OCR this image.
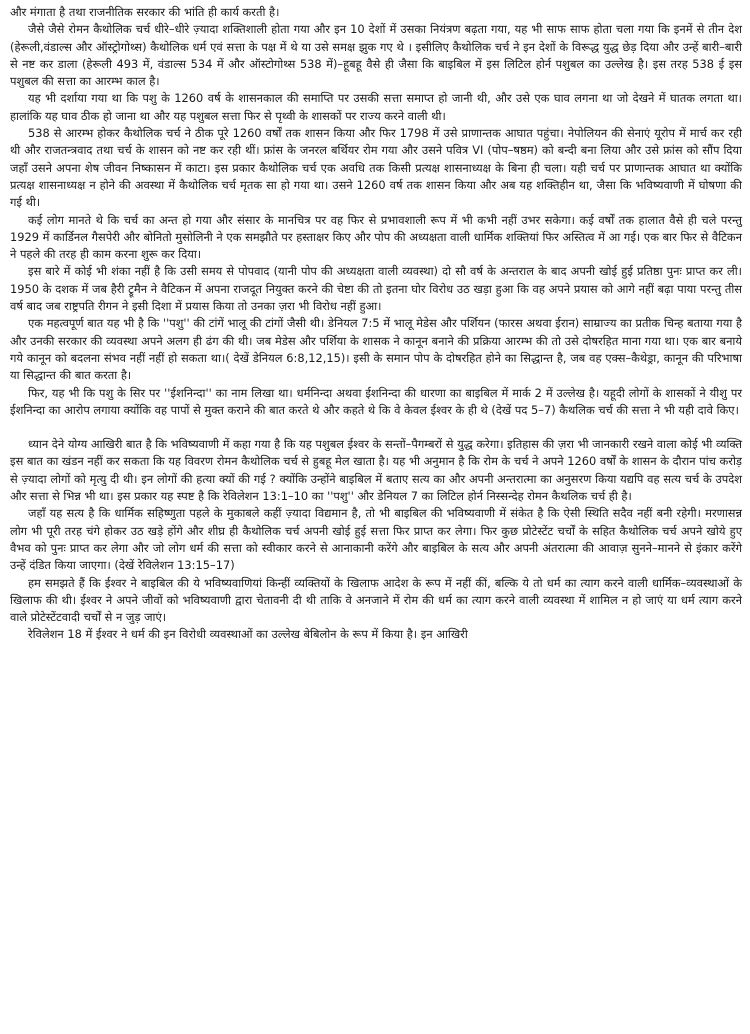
और मंगाता है तथा राजनीतिक सरकार की भांति ही कार्य करती है।

जैसे जैसे रोमन कैथोलिक चर्च धीरे–धीरे ज़्यादा शक्तिशाली होता गया और इन 10 देशों में उसका नियंत्रण बढ़ता गया, यह भी साफ साफ होता चला गया कि इनमें से तीन देश (हेरूली,वंडाल्स और ऑस्ट्रोगोथ्स) कैथोलिक धर्म एवं सत्ता के पक्ष में थे या उसे समक्ष झुक गए थे । इसीलिए कैथोलिक चर्च ने इन देशों के विरूद्ध युद्ध छेड़ दिया और उन्हें बारी–बारी से नष्ट कर डाला (हेरूली 493 में, वंडाल्स 534 में और ऑस्टोगोथ्स 538 में)–हूबहू वैसे ही जैसा कि बाइबिल में इस लिटिल होर्न पशुबल का उल्लेख है। इस तरह 538 ई इस पशुबल की सत्ता का आरम्भ काल है।

यह भी दर्शाया गया था कि पशु के 1260 वर्ष के शासनकाल की समाप्ति पर उसकी सत्ता समाप्त हो जानी थी, और उसे एक घाव लगना था जो देखने में घातक लगता था। हालांकि यह घाव ठीक हो जाना था और यह पशुबल सत्ता फिर से पृथ्वी के शासकों पर राज्य करने वाली थी।

538 से आरम्भ होकर कैथोलिक चर्च ने ठीक पूरे 1260 वर्षों तक शासन किया और फिर 1798 में उसे प्राणान्तक आघात पहुंचा। नेपोलियन की सेनाएं यूरोप में मार्च कर रही थी और राजतन्त्रवाद तथा चर्च के शासन को नष्ट कर रही थीं। फ्रांस के जनरल बर्थियर रोम गया और उसने पवित्र VI (पोप–षष्ठम) को बन्दी बना लिया और उसे फ्रांस को सौंप दिया जहाँ उसने अपना शेष जीवन निष्कासन में काटा। इस प्रकार कैथोलिक चर्च एक अवधि तक किसी प्रत्यक्ष शासनाध्यक्ष के बिना ही चला। यही चर्च पर प्राणान्तक आघात था क्योंकि प्रत्यक्ष शासनाध्यक्ष न होने की अवस्था में कैथोलिक चर्च मृतक सा हो गया था। उसने 1260 वर्ष तक शासन किया और अब यह शक्तिहीन था, जैसा कि भविष्यवाणी में घोषणा की गई थी।

कई लोग मानते थे कि चर्च का अन्त हो गया और संसार के मानचित्र पर वह फिर से प्रभावशाली रूप में भी कभी नहीं उभर सकेगा। कई वर्षों तक हालात वैसे ही चले परन्तु 1929 में कार्डिनल गैसपेरी और बोनितो मुसोलिनी ने एक समझौते पर हस्ताक्षर किए और पोप की अध्यक्षता वाली धार्मिक शक्तियां फिर अस्तित्व में आ गई। एक बार फिर से वैटिकन ने पहले की तरह ही काम करना शुरू कर दिया।

इस बारे में कोई भी शंका नहीं है कि उसी समय से पोपवाद (यानी पोप की अध्यक्षता वाली व्यवस्था) दो सौ वर्ष के अन्तराल के बाद अपनी खोई हुई प्रतिष्ठा पुनः प्राप्त कर ली। 1950 के दशक में जब हैरी ट्रूमैन ने वैटिकन में अपना राजदूत नियुक्त करने की चेष्टा की तो इतना घोर विरोध उठ खड़ा हुआ कि वह अपने प्रयास को आगे नहीं बढ़ा पाया परन्तु तीस वर्ष बाद जब राष्ट्रपति रीगन ने इसी दिशा में प्रयास किया तो उनका ज़रा भी विरोध नहीं हुआ।

एक महत्वपूर्ण बात यह भी है कि ''पशु'' की टांगें भालू की टांगों जैसी थी। डेनियल 7:5 में भालू मेडेस और पर्शियन (फारस अथवा ईरान) साम्राज्य का प्रतीक चिन्ह बताया गया है और उनकी सरकार की व्यवस्था अपने अलग ही ढंग की थी। जब मेडेस और पर्शिया के शासक ने कानून बनाने की प्रक्रिया आरम्भ की तो उसे दोषरहित माना गया था। एक बार बनाये गये कानून को बदलना संभव नहीं नहीं हो सकता था।( देखें डेनियल 6:8,12,15)। इसी के समान पोप के दोषरहित होने का सिद्धान्त है, जब वह एक्स–कैथेड्रा, कानून की परिभाषा या सिद्धान्त की बात करता है।

फिर, यह भी कि पशु के सिर पर ''ईशनिन्दा'' का नाम लिखा था। धर्मनिन्दा अथवा ईशनिन्दा की धारणा का बाइबिल में मार्क 2 में उल्लेख है। यहूदी लोगों के शासकों ने यीशु पर ईशनिन्दा का आरोप लगाया क्योंकि वह पापों से मुक्त कराने की बात करते थे और कहते थे कि वे केवल ईश्वर के ही थे (देखें पद 5–7) कैथलिक चर्च की सत्ता ने भी यही दावे किए।

ध्यान देने योग्य आखिरी बात है कि भविष्यवाणी में कहा गया है कि यह पशुबल ईश्वर के सन्तों–पैगम्बरों से युद्ध करेगा। इतिहास की ज़रा भी जानकारी रखने वाला कोई भी व्यक्ति इस बात का खंडन नहीं कर सकता कि यह विवरण रोमन कैथोलिक चर्च से हुबहू मेल खाता है। यह भी अनुमान है कि रोम के चर्च ने अपने 1260 वर्षों के शासन के दौरान पांच करोड़ से ज़्यादा लोगों को मृत्यु दी थी। इन लोगों की हत्या क्यों की गई ? क्योंकि उन्होंने बाइबिल में बताए सत्य का और अपनी अन्तरात्मा का अनुसरण किया यद्यपि वह सत्य चर्च के उपदेश और सत्ता से भिन्न भी था। इस प्रकार यह स्पष्ट है कि रेविलेशन 13:1–10 का ''पशु'' और डेनियल 7 का लिटिल होर्न निस्सन्देह रोमन कैथलिक चर्च ही है।

जहाँ यह सत्य है कि धार्मिक सहिष्णुता पहले के मुकाबले कहीं ज़्यादा विद्यमान है, तो भी बाइबिल की भविष्यवाणी में संकेत है कि ऐसी स्थिति सदैव नहीं बनी रहेगी। मरणासन्न लोग भी पूरी तरह चंगे होकर उठ खड़े होंगे और शीघ्र ही कैथोलिक चर्च अपनी खोई हुई सत्ता फिर प्राप्त कर लेगा। फिर कुछ प्रोटेस्टेंट चर्चों के सहित कैथोलिक चर्च अपने खोये हुए वैभव को पुनः प्राप्त कर लेगा और जो लोग धर्म की सत्ता को स्वीकार करने से आनाकानी करेंगे और बाइबिल के सत्य और अपनी अंतरात्मा की आवाज़ सुनने–मानने से इंकार करेंगे उन्हें दंडित किया जाएगा। (देखें रेविलेशन 13:15–17)

हम समझते हैं कि ईश्वर ने बाइबिल की ये भविष्यवाणियां किन्हीं व्यक्तियों के खिलाफ आदेश के रूप में नहीं कीं, बल्कि ये तो धर्म का त्याग करने वाली धार्मिक–व्यवस्थाओं के खिलाफ की थी। ईश्वर ने अपने जीवों को भविष्यवाणी द्वारा चेतावनी दी थी ताकि वे अनजाने में रोम की धर्म का त्याग करने वाली व्यवस्था में शामिल न हो जाएं या धर्म त्याग करने वाले प्रोटेस्टेंटवादी चर्चों से न जुड़ जाएं।

रेविलेशन 18 में ईश्वर ने धर्म की इन विरोधी व्यवस्थाओं का उल्लेख बेबिलोन के रूप में किया है। इन आखिरी
